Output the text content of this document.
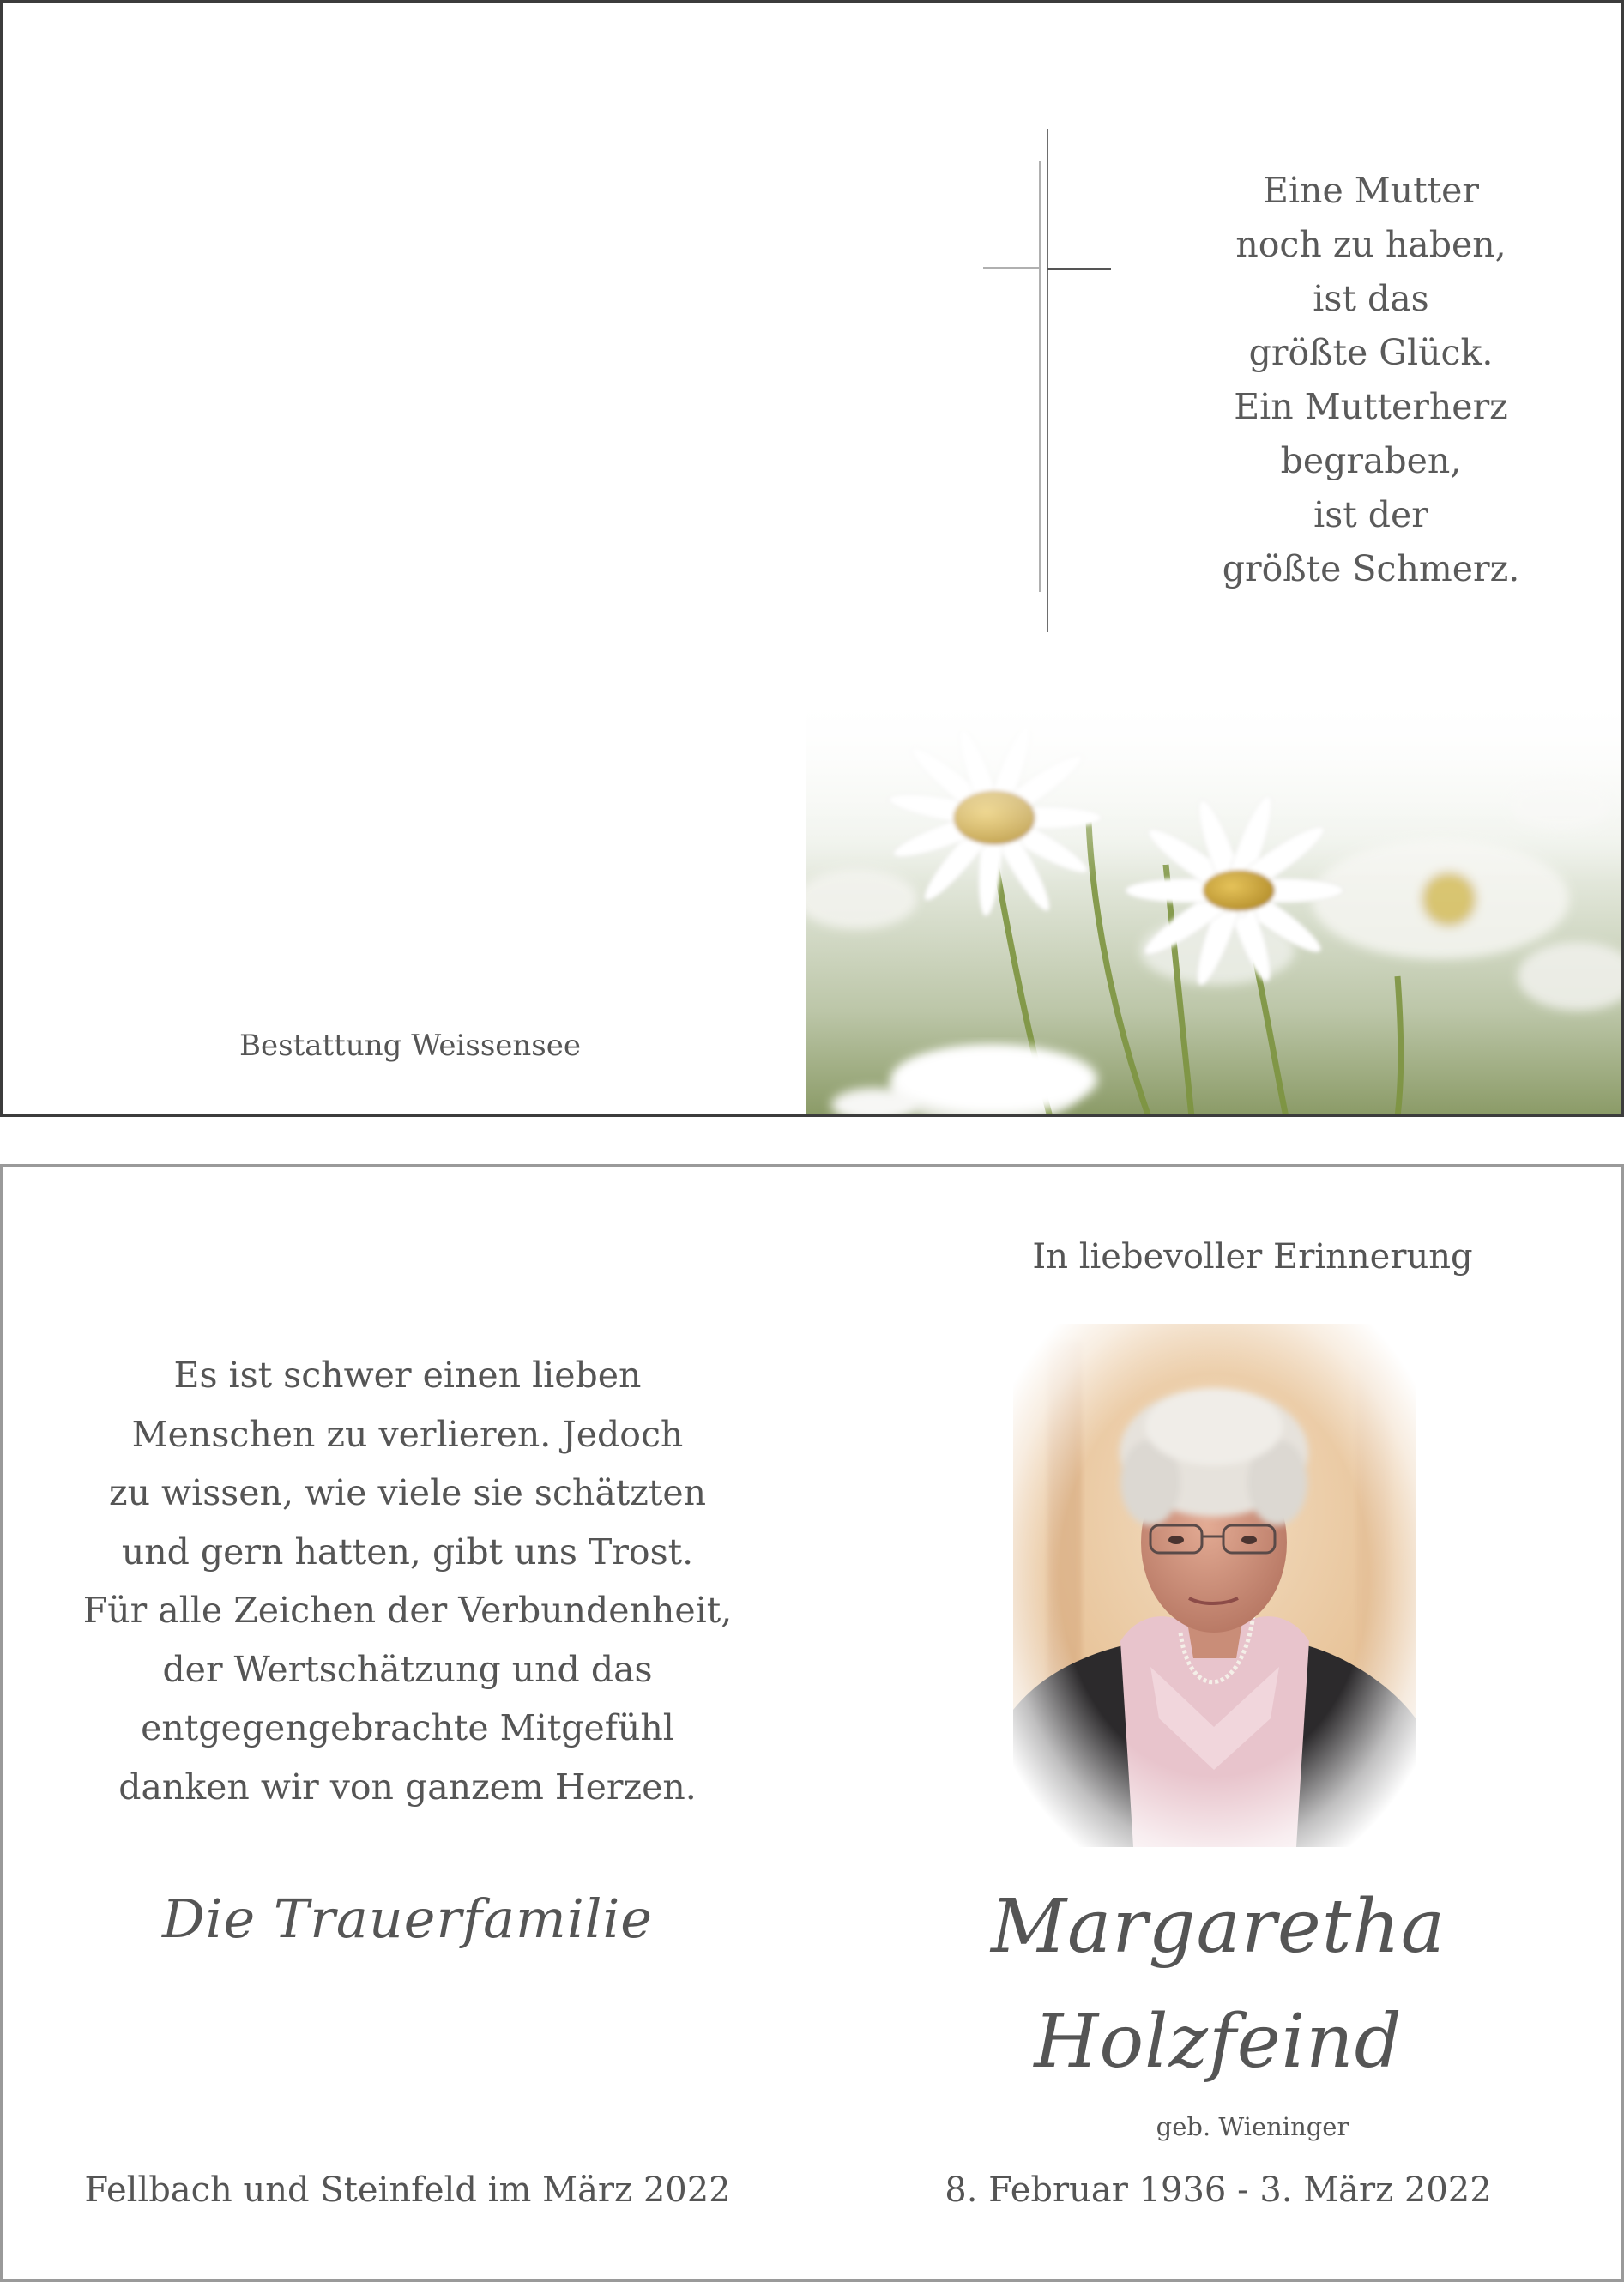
Eine Mutter
noch zu haben,
ist das
größte Glück.
Ein Mutterherz
begraben,
ist der
größte Schmerz.
Bestattung Weissensee
In liebevoller Erinnerung
Es ist schwer einen lieben
Menschen zu verlieren. Jedoch
zu wissen, wie viele sie schätzten
und gern hatten, gibt uns Trost.
Für alle Zeichen der Verbundenheit,
der Wertschätzung und das
entgegengebrachte Mitgefühl
danken wir von ganzem Herzen.
Die Trauerfamilie
Fellbach und Steinfeld im März 2022
Margaretha
Holzfeind
geb. Wieninger
8. Februar 1936 - 3. März 2022
